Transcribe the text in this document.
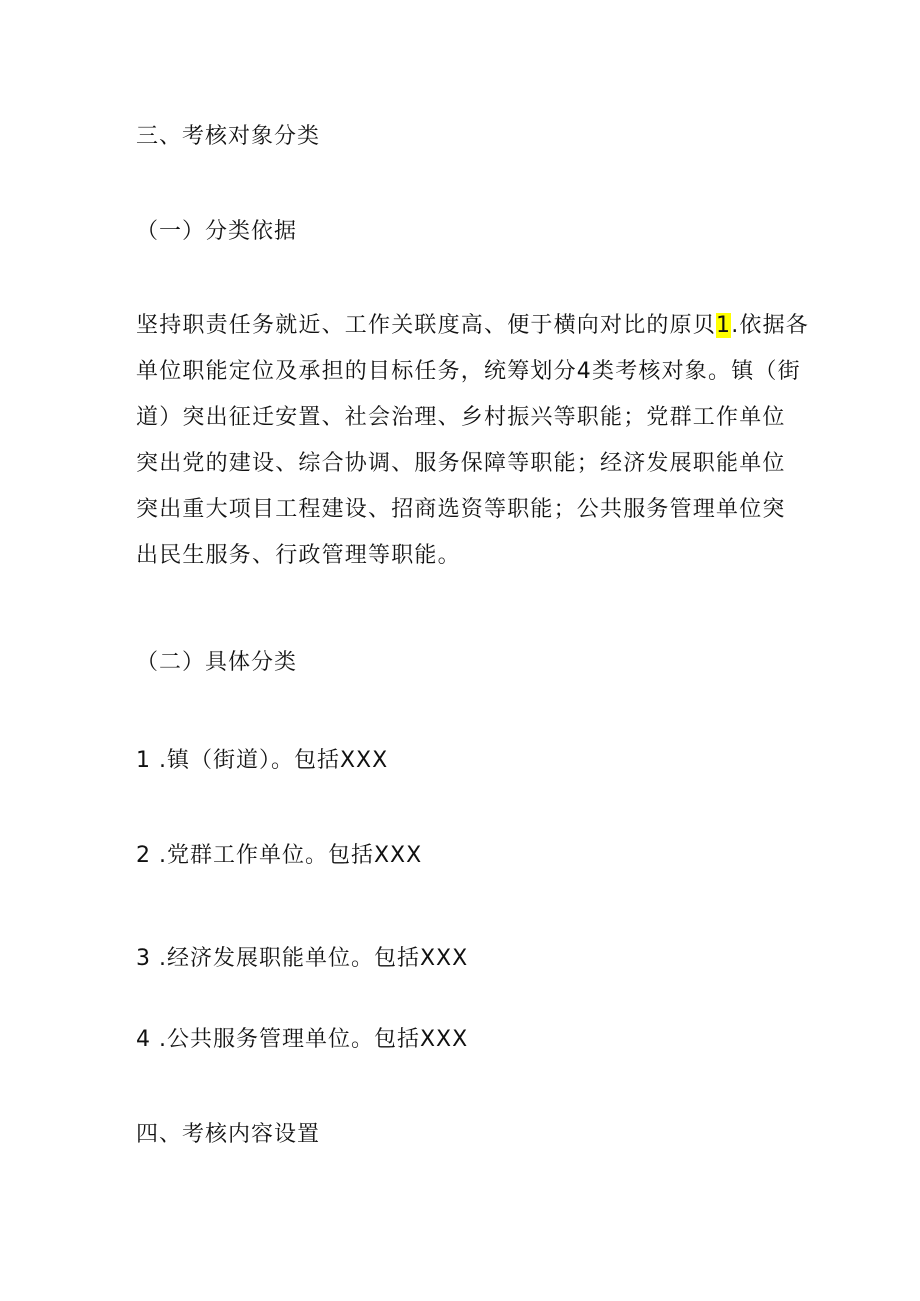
三、考核对象分类
（一）分类依据
坚持职责任务就近、工作关联度高、便于横向对比的原贝1.依据各
单位职能定位及承担的目标任务，统筹划分4类考核对象。镇（街
道）突出征迁安置、社会治理、乡村振兴等职能；党群工作单位
突出党的建设、综合协调、服务保障等职能；经济发展职能单位
突出重大项目工程建设、招商选资等职能；公共服务管理单位突
出民生服务、行政管理等职能。
（二）具体分类
1 .镇（街道）。包括XXX
2 .党群工作单位。包括XXX
3 .经济发展职能单位。包括XXX
4 .公共服务管理单位。包括XXX
四、考核内容设置
